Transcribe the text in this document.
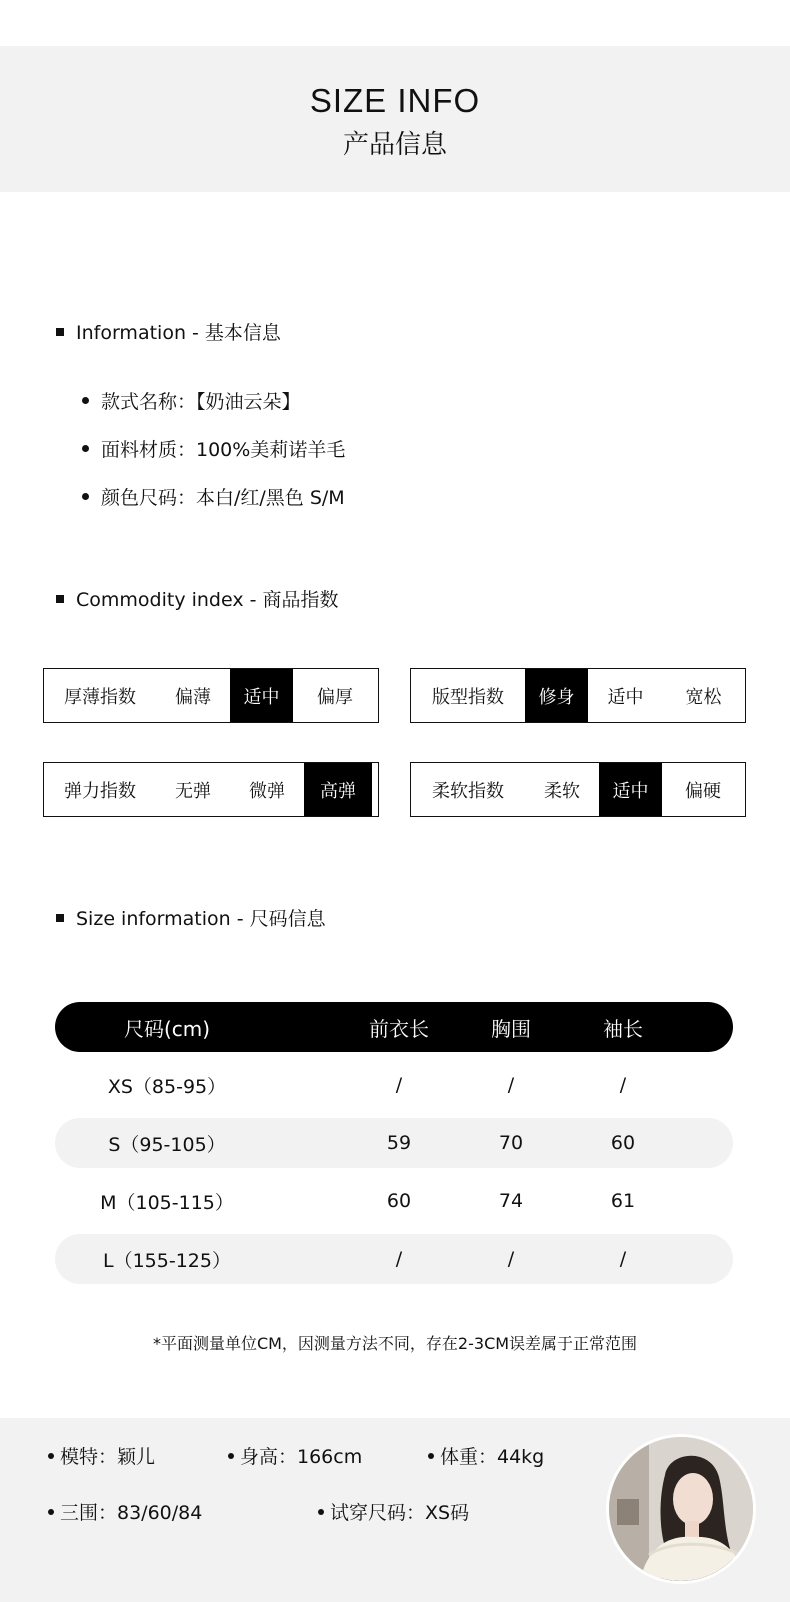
SIZE INFO
产品信息
Information - 基本信息
款式名称：【奶油云朵】
面料材质：100%美莉诺羊毛
颜色尺码：本白/红/黑色 S/M
Commodity index - 商品指数
厚薄指数	偏薄	适中	偏厚	版型指数	修身	适中	宽松
弹力指数	无弹	微弹	高弹	柔软指数	柔软	适中	偏硬
Size information - 尺码信息
尺码(cm)	前衣长	胸围	袖长
XS（85-95）	/	/	/
S（95-105）	59	70	60
M（105-115）	60	74	61
L（155-125）	/	/	/
*平面测量单位CM，因测量方法不同，存在2-3CM误差属于正常范围
模特：颖儿	身高：166cm	体重：44kg
三围：83/60/84	试穿尺码：XS码
